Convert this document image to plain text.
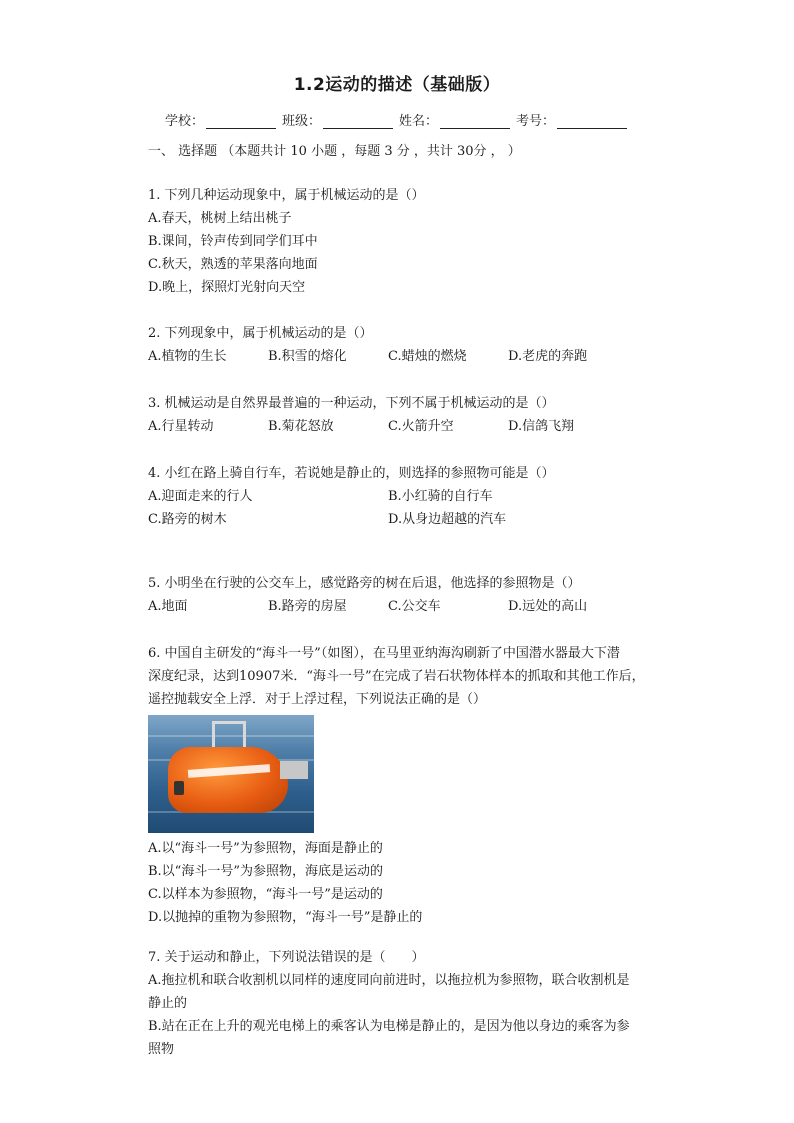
1.2运动的描述（基础版）
学校：	班级：	姓名：	考号：
一、 选择题 （本题共计 10 小题 ，每题 3 分 ，共计 30分 ， ）
1. 下列几种运动现象中，属于机械运动的是（）
A.春天，桃树上结出桃子
B.课间，铃声传到同学们耳中
C.秋天，熟透的苹果落向地面
D.晚上，探照灯光射向天空
2. 下列现象中，属于机械运动的是（）
A.植物的生长	B.积雪的熔化	C.蜡烛的燃烧	D.老虎的奔跑
3. 机械运动是自然界最普遍的一种运动，下列不属于机械运动的是（）
A.行星转动	B.菊花怒放	C.火箭升空	D.信鸽飞翔
4. 小红在路上骑自行车，若说她是静止的，则选择的参照物可能是（）
A.迎面走来的行人	B.小红骑的自行车
C.路旁的树木	D.从身边超越的汽车
5. 小明坐在行驶的公交车上，感觉路旁的树在后退，他选择的参照物是（）
A.地面	B.路旁的房屋	C.公交车	D.远处的高山
6. 中国自主研发的“海斗一号”（如图），在马里亚纳海沟刷新了中国潜水器最大下潜
深度纪录，达到10907米．“海斗一号”在完成了岩石状物体样本的抓取和其他工作后，
遥控抛载安全上浮．对于上浮过程，下列说法正确的是（）
A.以“海斗一号”为参照物，海面是静止的
B.以“海斗一号”为参照物，海底是运动的
C.以样本为参照物，“海斗一号”是运动的
D.以抛掉的重物为参照物，“海斗一号”是静止的
7. 关于运动和静止，下列说法错误的是（　　）
A.拖拉机和联合收割机以同样的速度同向前进时，以拖拉机为参照物，联合收割机是
静止的
B.站在正在上升的观光电梯上的乘客认为电梯是静止的，是因为他以身边的乘客为参
照物
